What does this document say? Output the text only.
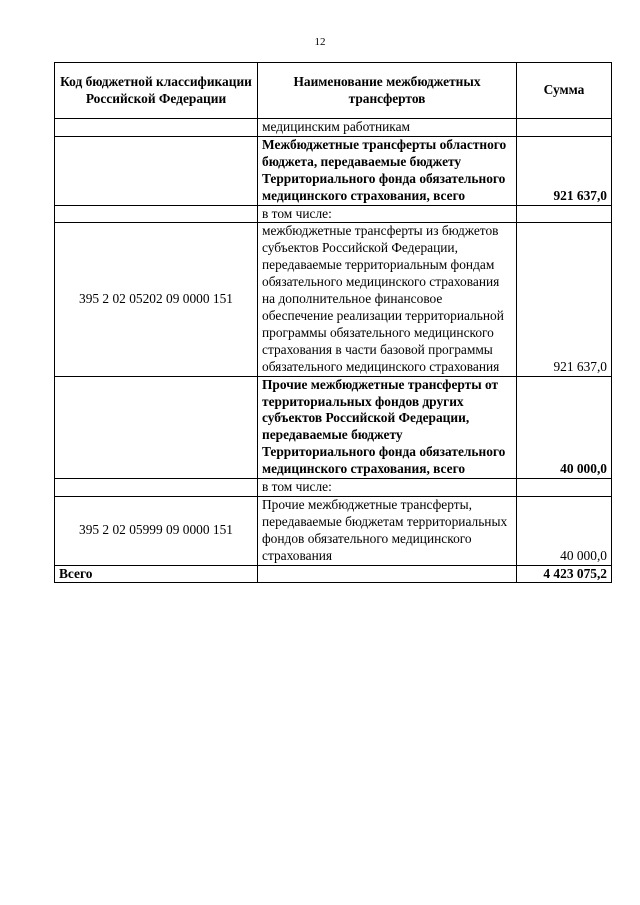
12
Код бюджетной классификации Российской Федерации	Наименование межбюджетных трансфертов	Сумма
	медицинским работникам	
	Межбюджетные трансферты областного бюджета, передаваемые бюджету Территориального фонда обязательного медицинского страхования, всего	921 637,0
	в том числе:	
395 2 02 05202 09 0000 151	межбюджетные трансферты из бюджетов субъектов Российской Федерации, передаваемые территориальным фондам обязательного медицинского страхования на дополнительное финансовое обеспечение реализации территориальной программы обязательного медицинского страхования в части базовой программы обязательного медицинского страхования	921 637,0
	Прочие межбюджетные трансферты от территориальных фондов других субъектов Российской Федерации, передаваемые бюджету Территориального фонда обязательного медицинского страхования, всего	40 000,0
	в том числе:	
395 2 02 05999 09 0000 151	Прочие межбюджетные трансферты, передаваемые бюджетам территориальных фондов обязательного медицинского страхования	40 000,0
Всего		4 423 075,2
